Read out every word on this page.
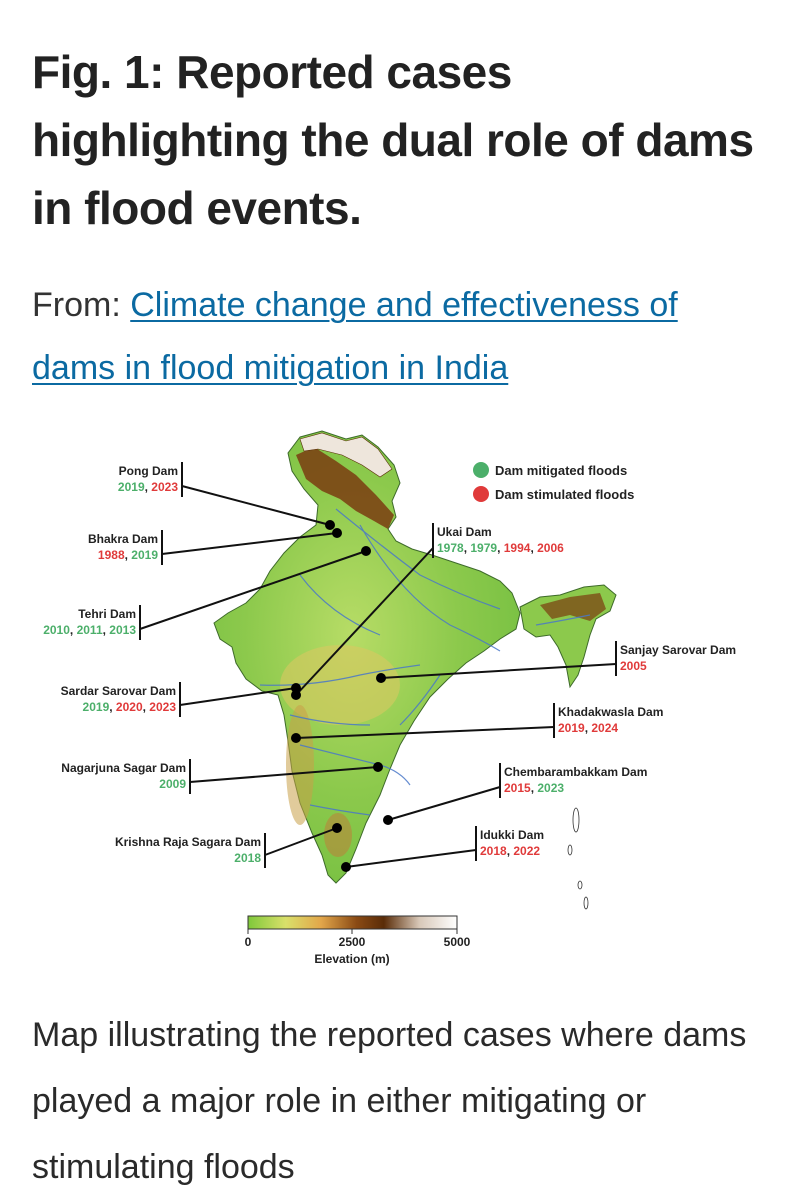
Fig. 1: Reported cases highlighting the dual role of dams in flood events.

From: Climate change and effectiveness of dams in flood mitigation in India

Dam mitigated floods
Dam stimulated floods
Pong Dam
2019, 2023
Bhakra Dam
1988, 2019
Tehri Dam
2010, 2011, 2013
Sardar Sarovar Dam
2019, 2020, 2023
Nagarjuna Sagar Dam
2009
Krishna Raja Sagara Dam
2018
Ukai Dam
1978, 1979, 1994, 2006
Sanjay Sarovar Dam
2005
Khadakwasla Dam
2019, 2024
Chembarambakkam Dam
2015, 2023
Idukki Dam
2018, 2022
0	2500	5000
Elevation (m)

Map illustrating the reported cases where dams played a major role in either mitigating or stimulating floods
